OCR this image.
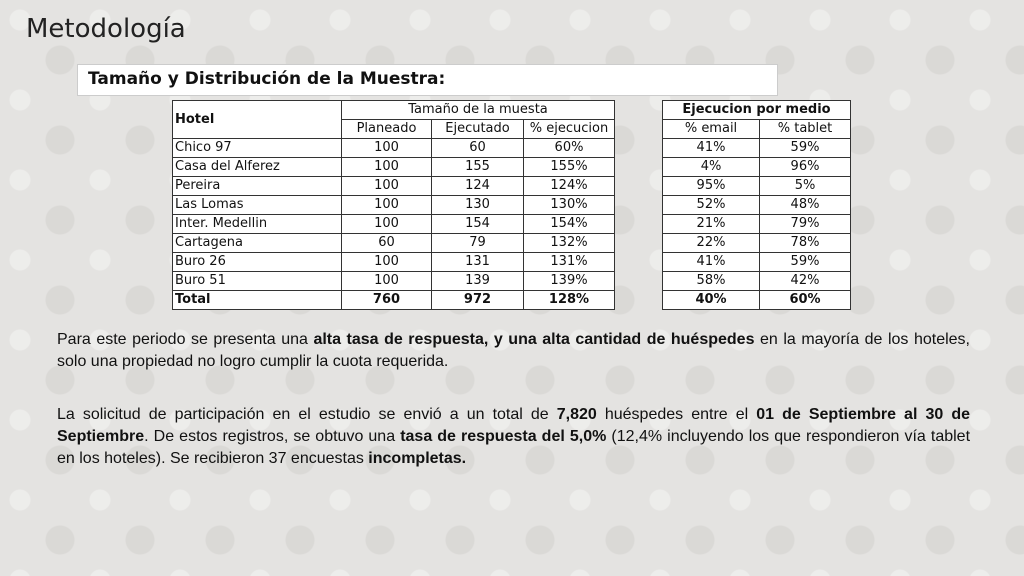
Metodología
Tamaño y Distribución de la Muestra:
Hotel	Tamaño de la muesta		
	Planeado	Ejecutado	% ejecucion
Chico 97	100	60	60%
Casa del Alferez	100	155	155%
Pereira	100	124	124%
Las Lomas	100	130	130%
Inter. Medellin	100	154	154%
Cartagena	60	79	132%
Buro 26	100	131	131%
Buro 51	100	139	139%
Total	760	972	128%
Ejecucion por medio	
% email	% tablet
41%	59%
4%	96%
95%	5%
52%	48%
21%	79%
22%	78%
41%	59%
58%	42%
40%	60%
Para este periodo se presenta una alta tasa de respuesta, y una alta cantidad de huéspedes en la mayoría de los hoteles, solo una propiedad no logro cumplir la cuota requerida.
La solicitud de participación en el estudio se envió a un total de 7,820 huéspedes entre el 01 de Septiembre al 30 de Septiembre. De estos registros, se obtuvo una tasa de respuesta del 5,0% (12,4% incluyendo los que respondieron vía tablet en los hoteles). Se recibieron 37 encuestas incompletas.
